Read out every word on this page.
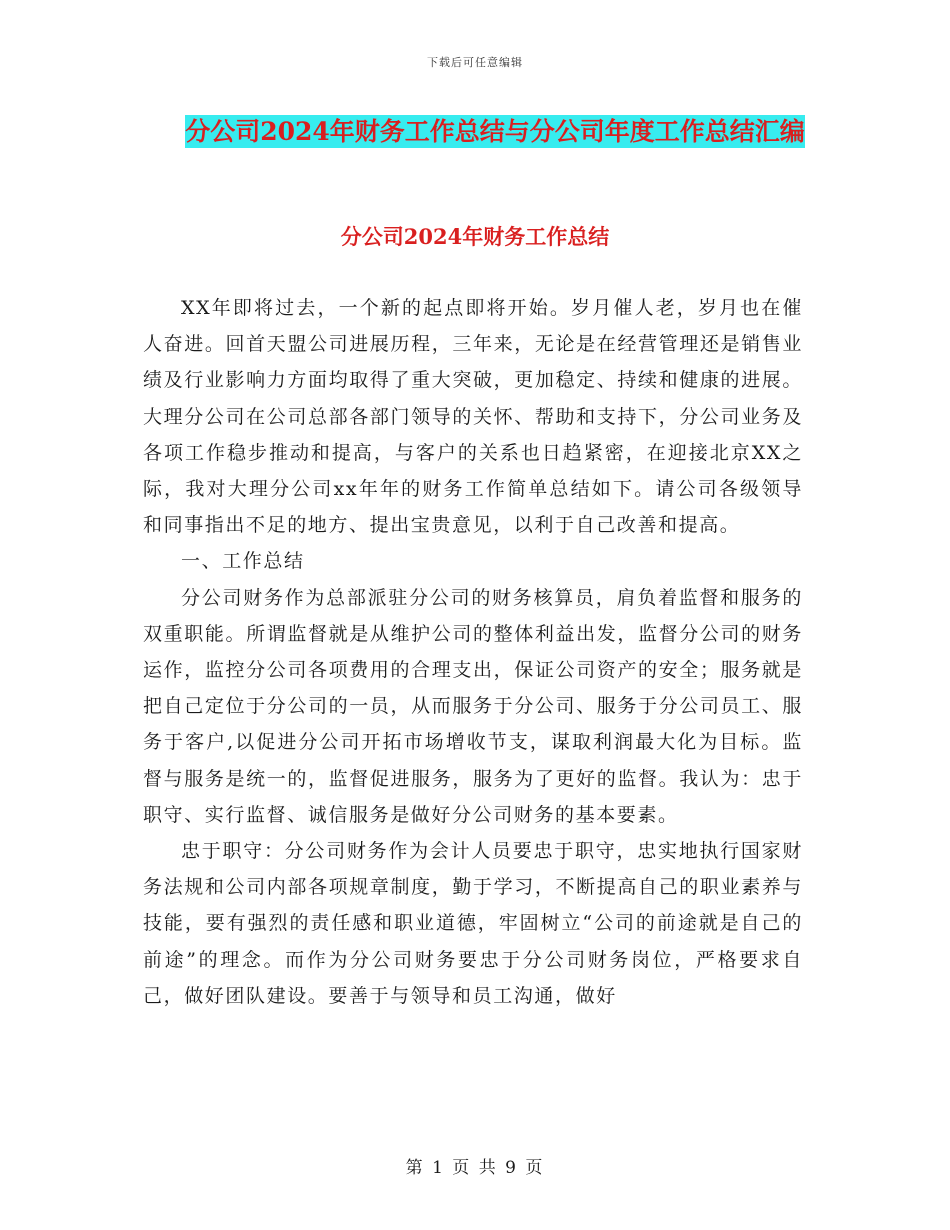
下载后可任意编辑
分公司2024年财务工作总结与分公司年度工作总结汇编
分公司2024年财务工作总结

XX年即将过去，一个新的起点即将开始。岁月催人老，岁月也在催人奋进。回首天盟公司进展历程，三年来，无论是在经营管理还是销售业绩及行业影响力方面均取得了重大突破，更加稳定、持续和健康的进展。大理分公司在公司总部各部门领导的关怀、帮助和支持下，分公司业务及各项工作稳步推动和提高，与客户的关系也日趋紧密，在迎接北京XX之际，我对大理分公司xx年年的财务工作简单总结如下。请公司各级领导和同事指出不足的地方、提出宝贵意见，以利于自己改善和提高。

一、工作总结

分公司财务作为总部派驻分公司的财务核算员，肩负着监督和服务的双重职能。所谓监督就是从维护公司的整体利益出发，监督分公司的财务运作，监控分公司各项费用的合理支出，保证公司资产的安全；服务就是把自己定位于分公司的一员，从而服务于分公司、服务于分公司员工、服务于客户,以促进分公司开拓市场增收节支，谋取利润最大化为目标。监督与服务是统一的，监督促进服务，服务为了更好的监督。我认为：忠于职守、实行监督、诚信服务是做好分公司财务的基本要素。

忠于职守：分公司财务作为会计人员要忠于职守，忠实地执行国家财务法规和公司内部各项规章制度，勤于学习，不断提高自己的职业素养与技能，要有强烈的责任感和职业道德，牢固树立“公司的前途就是自己的前途”的理念。而作为分公司财务要忠于分公司财务岗位，严格要求自己，做好团队建设。要善于与领导和员工沟通，做好

第 1 页 共 9 页
